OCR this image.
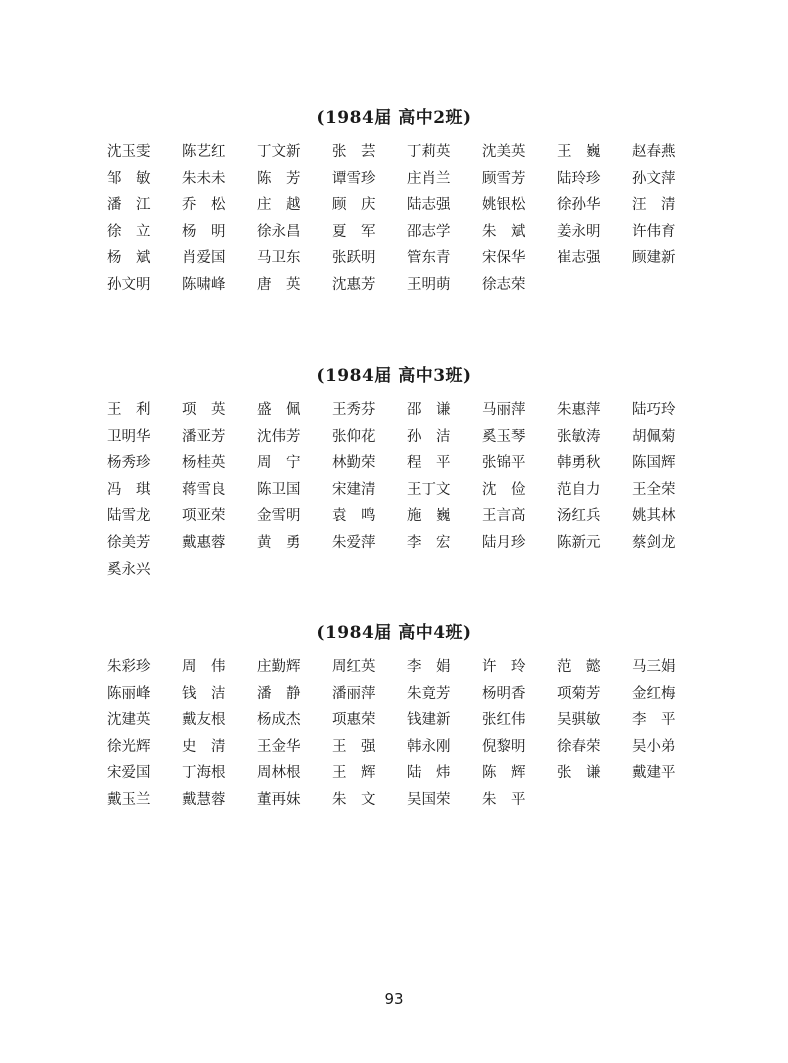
(1984届 高中2班)
沈玉雯	陈艺红	丁文新	张　芸	丁莉英	沈美英	王　巍	赵春燕
邹　敏	朱未未	陈　芳	谭雪珍	庄肖兰	顾雪芳	陆玲珍	孙文萍
潘　江	乔　松	庄　越	顾　庆	陆志强	姚银松	徐孙华	汪　清
徐　立	杨　明	徐永昌	夏　军	邵志学	朱　斌	姜永明	许伟育
杨　斌	肖爱国	马卫东	张跃明	管东青	宋保华	崔志强	顾建新
孙文明	陈啸峰	唐　英	沈惠芳	王明萌	徐志荣
(1984届 高中3班)
王　利	项　英	盛　佩	王秀芬	邵　谦	马丽萍	朱惠萍	陆巧玲
卫明华	潘亚芳	沈伟芳	张仰花	孙　洁	奚玉琴	张敏涛	胡佩菊
杨秀珍	杨桂英	周　宁	林勤荣	程　平	张锦平	韩勇秋	陈国辉
冯　琪	蒋雪良	陈卫国	宋建清	王丁文	沈　俭	范自力	王全荣
陆雪龙	项亚荣	金雪明	袁　鸣	施　巍	王言高	汤红兵	姚其林
徐美芳	戴惠蓉	黄　勇	朱爱萍	李　宏	陆月珍	陈新元	蔡剑龙
奚永兴
(1984届 高中4班)
朱彩珍	周　伟	庄勤辉	周红英	李　娟	许　玲	范　懿	马三娟
陈丽峰	钱　洁	潘　静	潘丽萍	朱竟芳	杨明香	项菊芳	金红梅
沈建英	戴友根	杨成杰	项惠荣	钱建新	张红伟	吴骐敏	李　平
徐光辉	史　清	王金华	王　强	韩永刚	倪黎明	徐春荣	吴小弟
宋爱国	丁海根	周林根	王　辉	陆　炜	陈　辉	张　谦	戴建平
戴玉兰	戴慧蓉	董再妹	朱　文	吴国荣	朱　平
93
